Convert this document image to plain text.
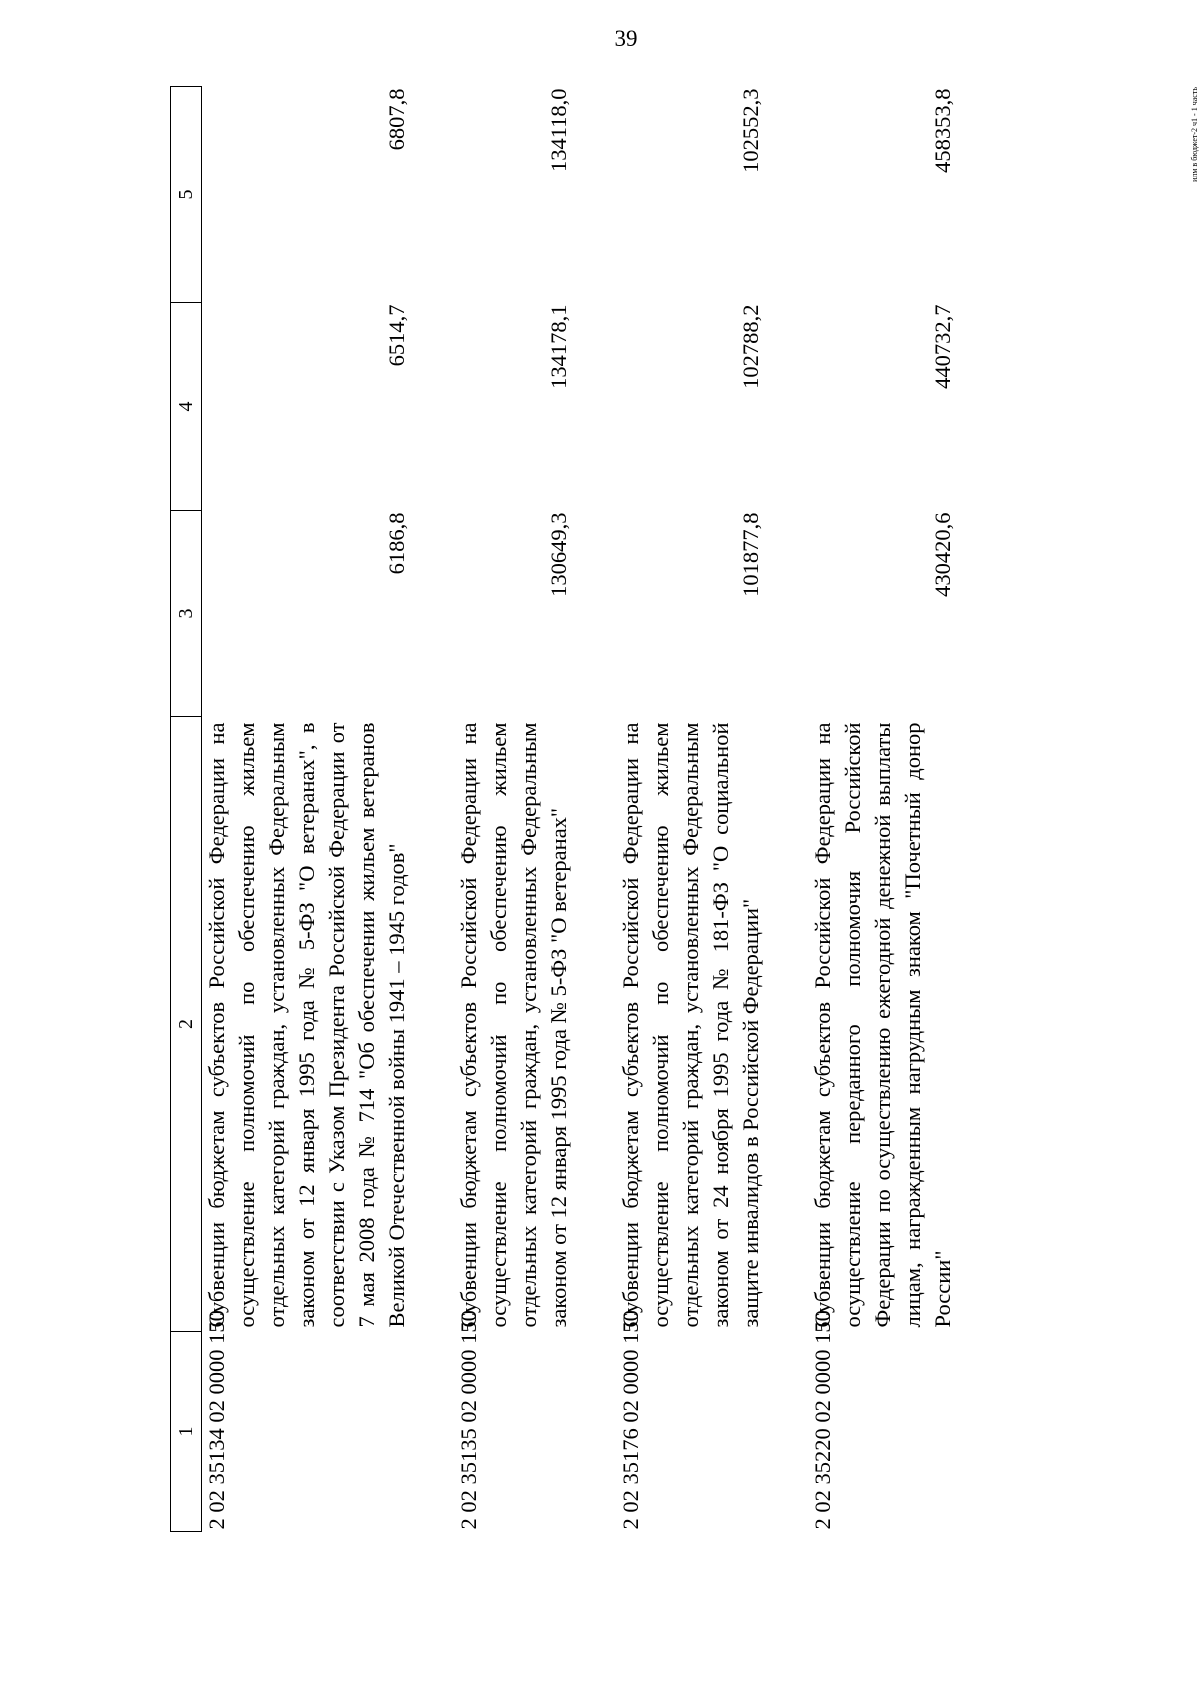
39
1	2	3	4	5
2 02 35134 02 0000 150	Субвенции бюджетам субъектов Российской Федерации на осуществление полномочий по обеспечению жильем отдельных категорий граждан, установленных Федеральным законом от 12 января 1995 года № 5-ФЗ "О ветеранах", в соответствии с Указом Президента Российской Федерации от 7 мая 2008 года № 714 "Об обеспечении жильем ветеранов Великой Отечественной войны 1941 – 1945 годов"	6186,8	6514,7	6807,8

2 02 35135 02 0000 150	Субвенции бюджетам субъектов Российской Федерации на осуществление полномочий по обеспечению жильем отдельных категорий граждан, установленных Федеральным законом от 12 января 1995 года № 5-ФЗ "О ветеранах"	130649,3	134178,1	134118,0

2 02 35176 02 0000 150	Субвенции бюджетам субъектов Российской Федерации на осуществление полномочий по обеспечению жильем отдельных категорий граждан, установленных Федеральным законом от 24 ноября 1995 года № 181-ФЗ "О социальной защите инвалидов в Российской Федерации"	101877,8	102788,2	102552,3

2 02 35220 02 0000 150	Субвенции бюджетам субъектов Российской Федерации на осуществление переданного полномочия Российской Федерации по осуществлению ежегодной денежной выплаты лицам, награжденным нагрудным знаком "Почетный донор России"	430420,6	440732,7	458353,8	илм в бюджет-2 ч1 - 1 часть
